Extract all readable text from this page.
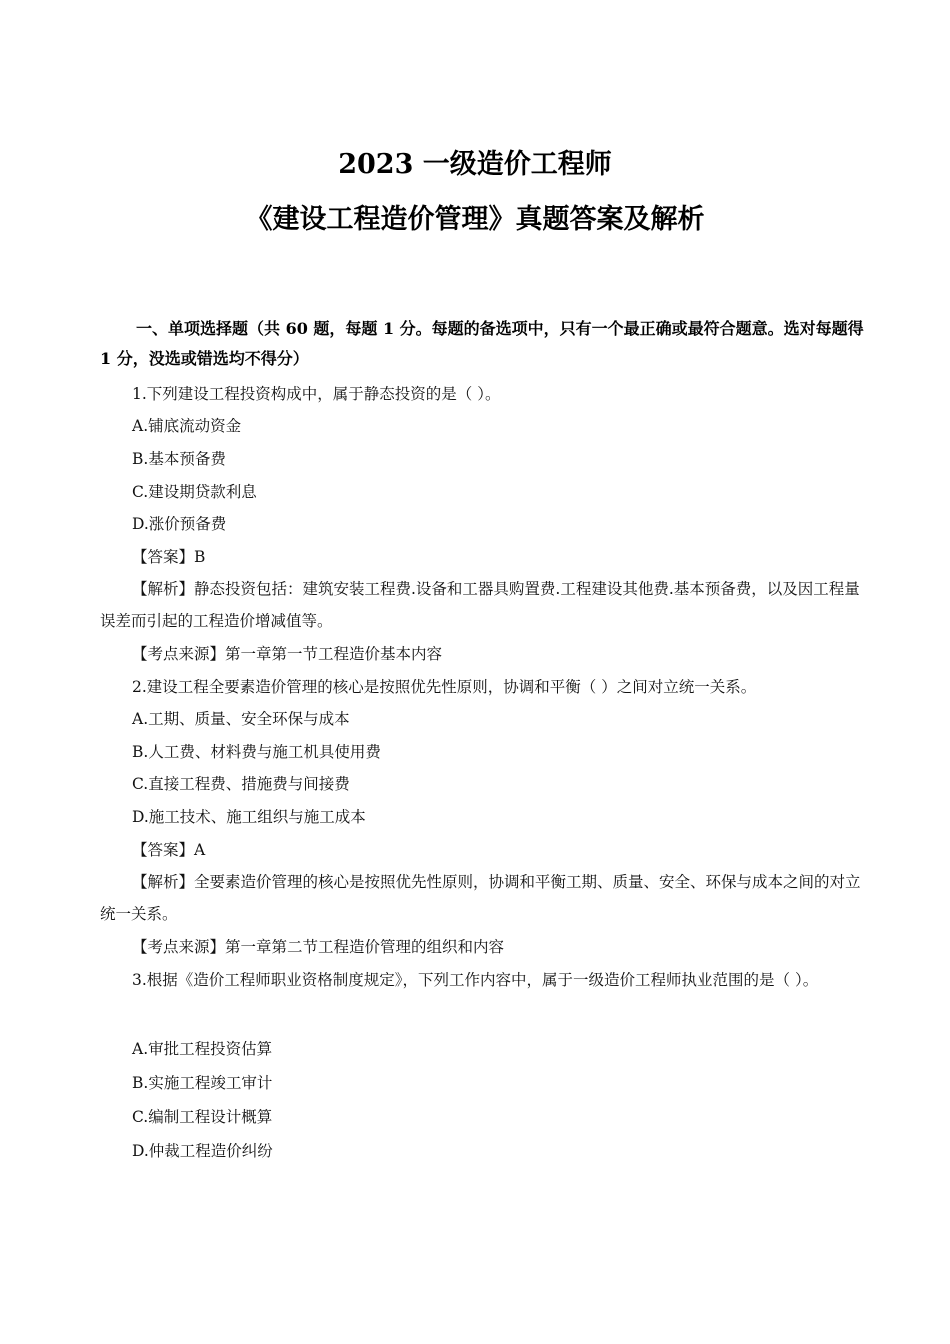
2023 一级造价工程师
《建设工程造价管理》真题答案及解析
一、单项选择题（共 60 题，每题 1 分。每题的备选项中，只有一个最正确或最符合题意。选对每题得 1 分，没选或错选均不得分）
1.下列建设工程投资构成中，属于静态投资的是（ ）。
A.铺底流动资金
B.基本预备费
C.建设期贷款利息
D.涨价预备费
【答案】B
【解析】静态投资包括：建筑安装工程费.设备和工器具购置费.工程建设其他费.基本预备费，以及因工程量误差而引起的工程造价增减值等。
【考点来源】第一章第一节工程造价基本内容
2.建设工程全要素造价管理的核心是按照优先性原则，协调和平衡（ ）之间对立统一关系。
A.工期、质量、安全环保与成本
B.人工费、材料费与施工机具使用费
C.直接工程费、措施费与间接费
D.施工技术、施工组织与施工成本
【答案】A
【解析】全要素造价管理的核心是按照优先性原则，协调和平衡工期、质量、安全、环保与成本之间的对立统一关系。
【考点来源】第一章第二节工程造价管理的组织和内容
3.根据《造价工程师职业资格制度规定》，下列工作内容中，属于一级造价工程师执业范围的是（ ）。
A.审批工程投资估算
B.实施工程竣工审计
C.编制工程设计概算
D.仲裁工程造价纠纷
